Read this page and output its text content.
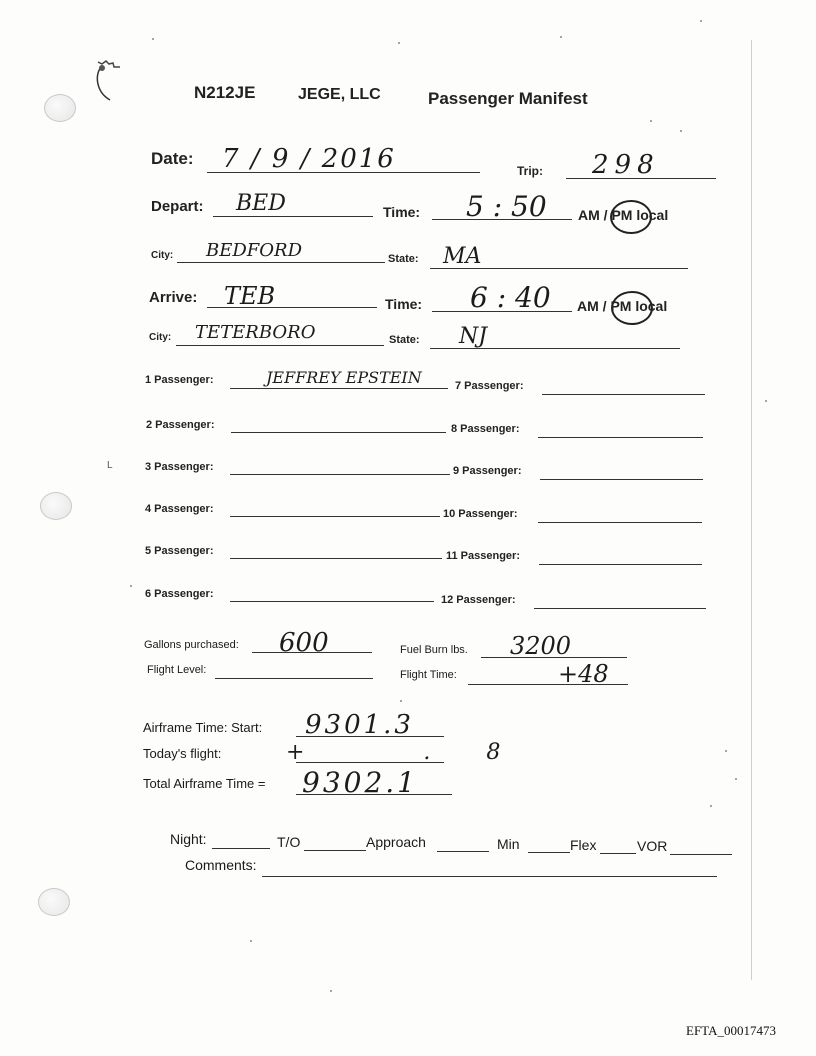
N212JE	JEGE, LLC	Passenger Manifest
Date: 7 / 9 / 2016	Trip: 298
Depart: BED	Time: 5 : 50 AM / PM local
City: BEDFORD	State: MA
Arrive: TEB	Time: 6 : 40 AM / PM local
City: TETERBORO	State: NJ
1 Passenger:	JEFFREY EPSTEIN
2 Passenger:
3 Passenger:
4 Passenger:
5 Passenger:
6 Passenger:
7 Passenger:
8 Passenger:
9 Passenger:
10 Passenger:
11 Passenger:
12 Passenger:
Gallons purchased: 600	Fuel Burn lbs. 3200
Flight Level:	Flight Time:	+48
Airframe Time: Start: 9301.3
Today's flight:	+ .8
Total Airframe Time = 9302.1
Night:	T/O	Approach	Min	Flex	VOR
Comments:
L
EFTA_00017473
